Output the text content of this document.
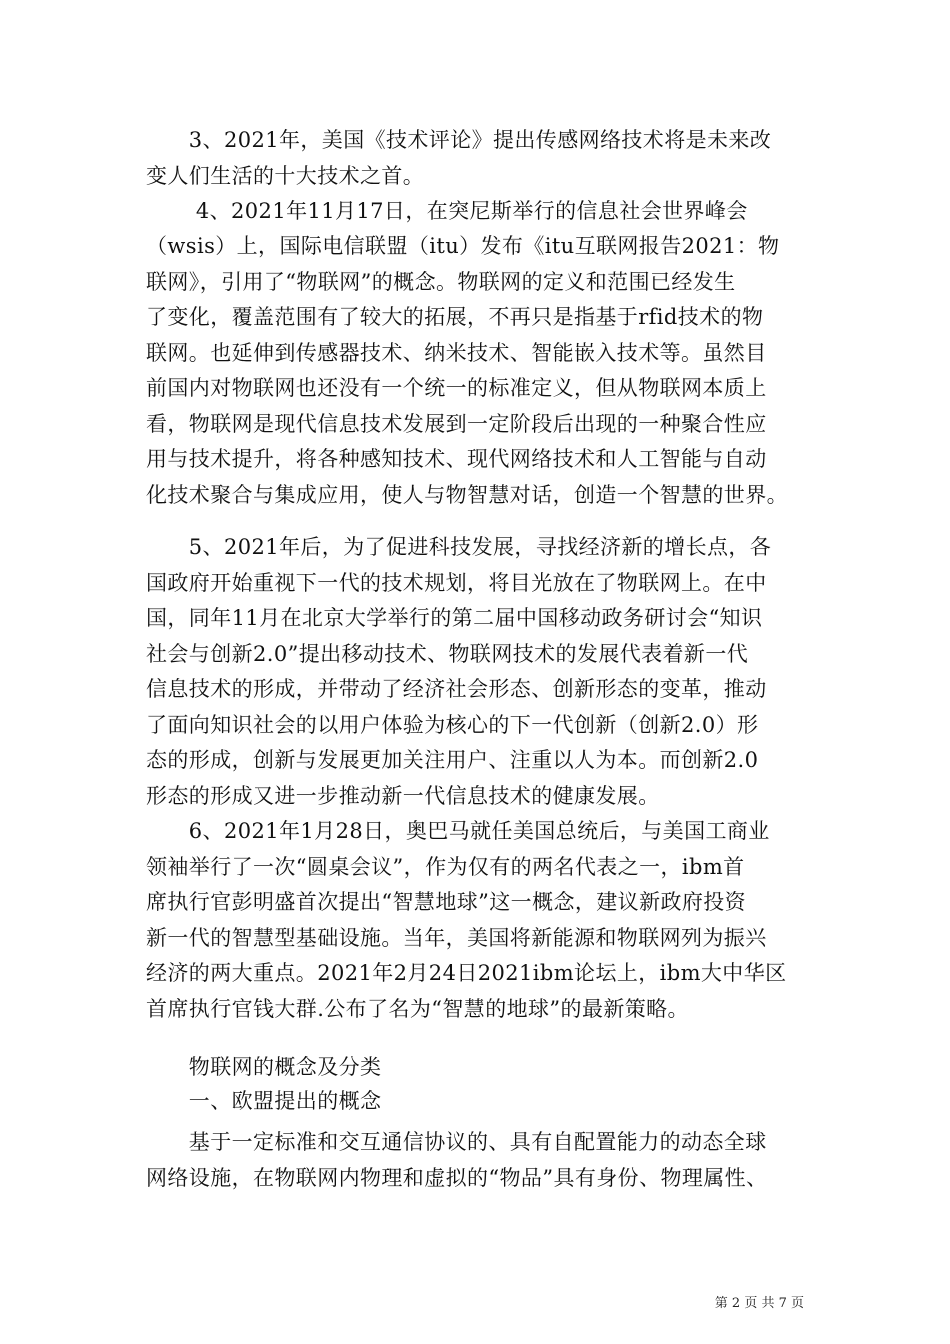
　　3、2021年，美国《技术评论》提出传感网络技术将是未来改
变人们生活的十大技术之首。
　　 4、2021年11月17日，在突尼斯举行的信息社会世界峰会
（wsis）上，国际电信联盟（itu）发布《itu互联网报告2021：物
联网》，引用了“物联网”的概念。物联网的定义和范围已经发生
了变化，覆盖范围有了较大的拓展，不再只是指基于rfid技术的物
联网。也延伸到传感器技术、纳米技术、智能嵌入技术等。虽然目
前国内对物联网也还没有一个统一的标准定义，但从物联网本质上
看，物联网是现代信息技术发展到一定阶段后出现的一种聚合性应
用与技术提升，将各种感知技术、现代网络技术和人工智能与自动
化技术聚合与集成应用，使人与物智慧对话，创造一个智慧的世界。
　　5、2021年后，为了促进科技发展，寻找经济新的增长点，各
国政府开始重视下一代的技术规划，将目光放在了物联网上。在中
国，同年11月在北京大学举行的第二届中国移动政务研讨会“知识
社会与创新2.0”提出移动技术、物联网技术的发展代表着新一代
信息技术的形成，并带动了经济社会形态、创新形态的变革，推动
了面向知识社会的以用户体验为核心的下一代创新（创新2.0）形
态的形成，创新与发展更加关注用户、注重以人为本。而创新2.0
形态的形成又进一步推动新一代信息技术的健康发展。
　　6、2021年1月28日，奥巴马就任美国总统后，与美国工商业
领袖举行了一次“圆桌会议”，作为仅有的两名代表之一，ibm首
席执行官彭明盛首次提出“智慧地球”这一概念，建议新政府投资
新一代的智慧型基础设施。当年，美国将新能源和物联网列为振兴
经济的两大重点。2021年2月24日2021ibm论坛上，ibm大中华区
首席执行官钱大群.公布了名为“智慧的地球”的最新策略。
　　物联网的概念及分类
　　一、欧盟提出的概念
　　基于一定标准和交互通信协议的、具有自配置能力的动态全球
网络设施，在物联网内物理和虚拟的“物品”具有身份、物理属性、
第 2 页 共 7 页
